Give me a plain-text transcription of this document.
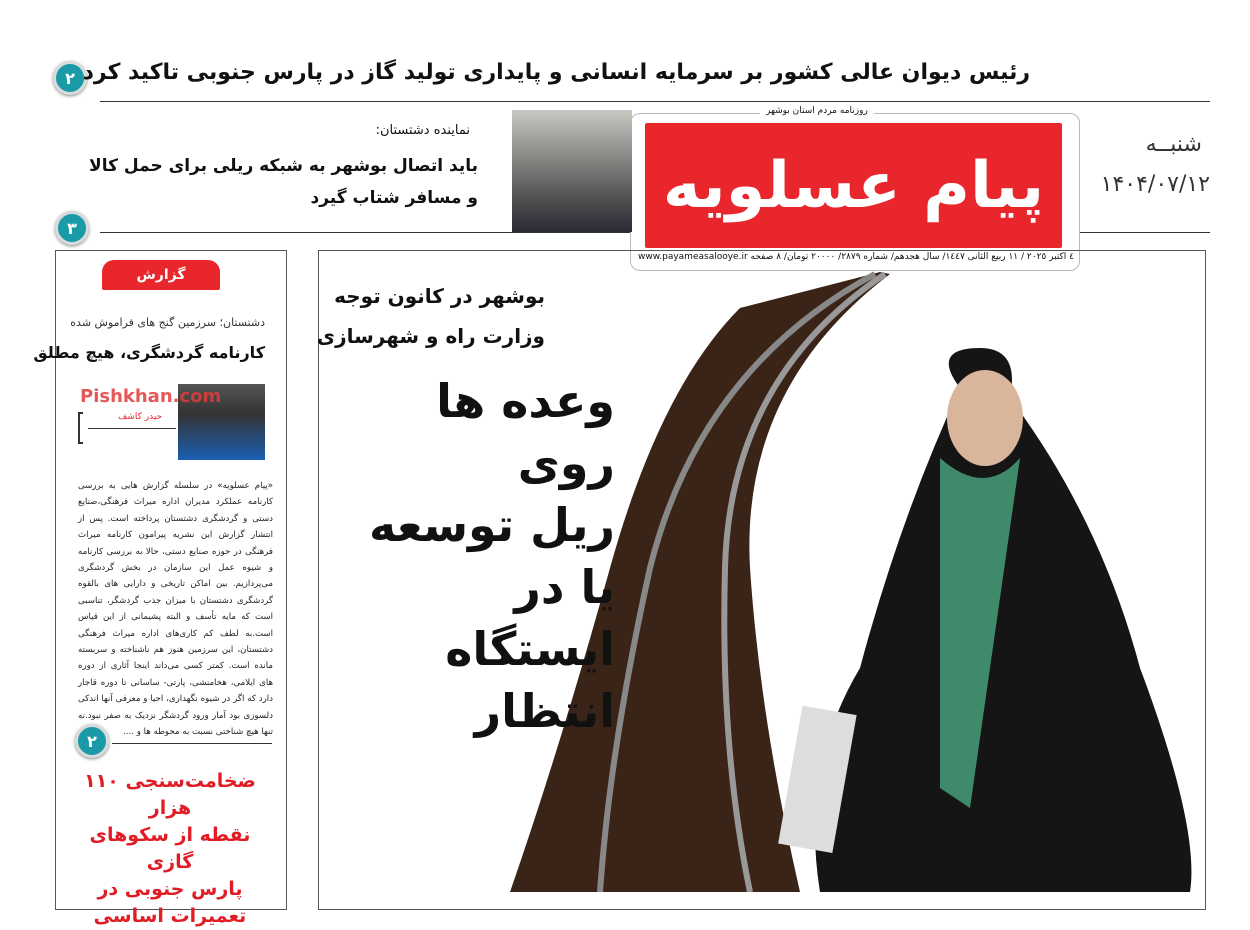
۲ رئیس دیوان عالی کشور بر سرمایه انسانی و پایداری تولید گاز در پارس جنوبی تاکید کرد
روزنامه مردم استان بوشهر
پیام عسلویه
٤ اکتبر ٢٠٢٥ / ١١ ربیع الثانی ١٤٤٧/ سال هجدهم/ شماره ٢٨٧٩/ ٢٠٠٠٠ تومان/ ٨ صفحه
www.payameasalooye.ir
شنبــه
۱۴۰۴/۰۷/۱۲
نماینده دشتستان:
باید اتصال بوشهر به شبکه ریلی برای حمل کالا
و مسافر شتاب گیرد
۳
گزارش
دشتستان؛ سرزمین گنج های فراموش شده
کارنامه گردشگری، هیچ مطلق
Pishkhan.com
حیدر کاشف
«پیام عسلویه» در سلسله گزارش هایی به بررسی کارنامه عملکرد مدیران اداره میراث فرهنگی،صنایع دستی و گردشگری دشتستان پرداخته است. پس از انتشار گزارش این نشریه پیرامون کارنامه میراث فرهنگی در حوزه صنایع دستی، حالا به بررسی کارنامه و شیوه عمل این سازمان در بخش گردشگری می‌پردازیم. بین اماکن تاریخی و دارایی های بالقوه گردشگری دشتستان با میزان جذب گردشگر، تناسبی است که مایه تأسف و البته پشیمانی از این قیاس است.به لطف کم کاری‌های اداره میراث فرهنگی دشتستان، این سرزمین هنوز هم ناشناخته و سربسته مانده است. کمتر کسی می‌داند اینجا آثاری از دوره های ایلامی، هخامنشی، پارتی- ساسانی تا دوره قاجار دارد که اگر در شیوه نگهداری، احیا و معرفی آنها اندکی دلسوزی بود آمار ورود گردشگر نزدیک به صفر نبود.نه تنها هیچ شناختی نسبت به محوطه ها و ....
۲
ضخامت‌سنجی ۱۱۰ هزار
نقطه از سکوهای گازی
پارس جنوبی در
تعمیرات اساسی
بوشهر در کانون توجه
وزارت راه و شهرسازی
وعده ها روی
ریل توسعه
یا در
ایستگاه
انتظار
